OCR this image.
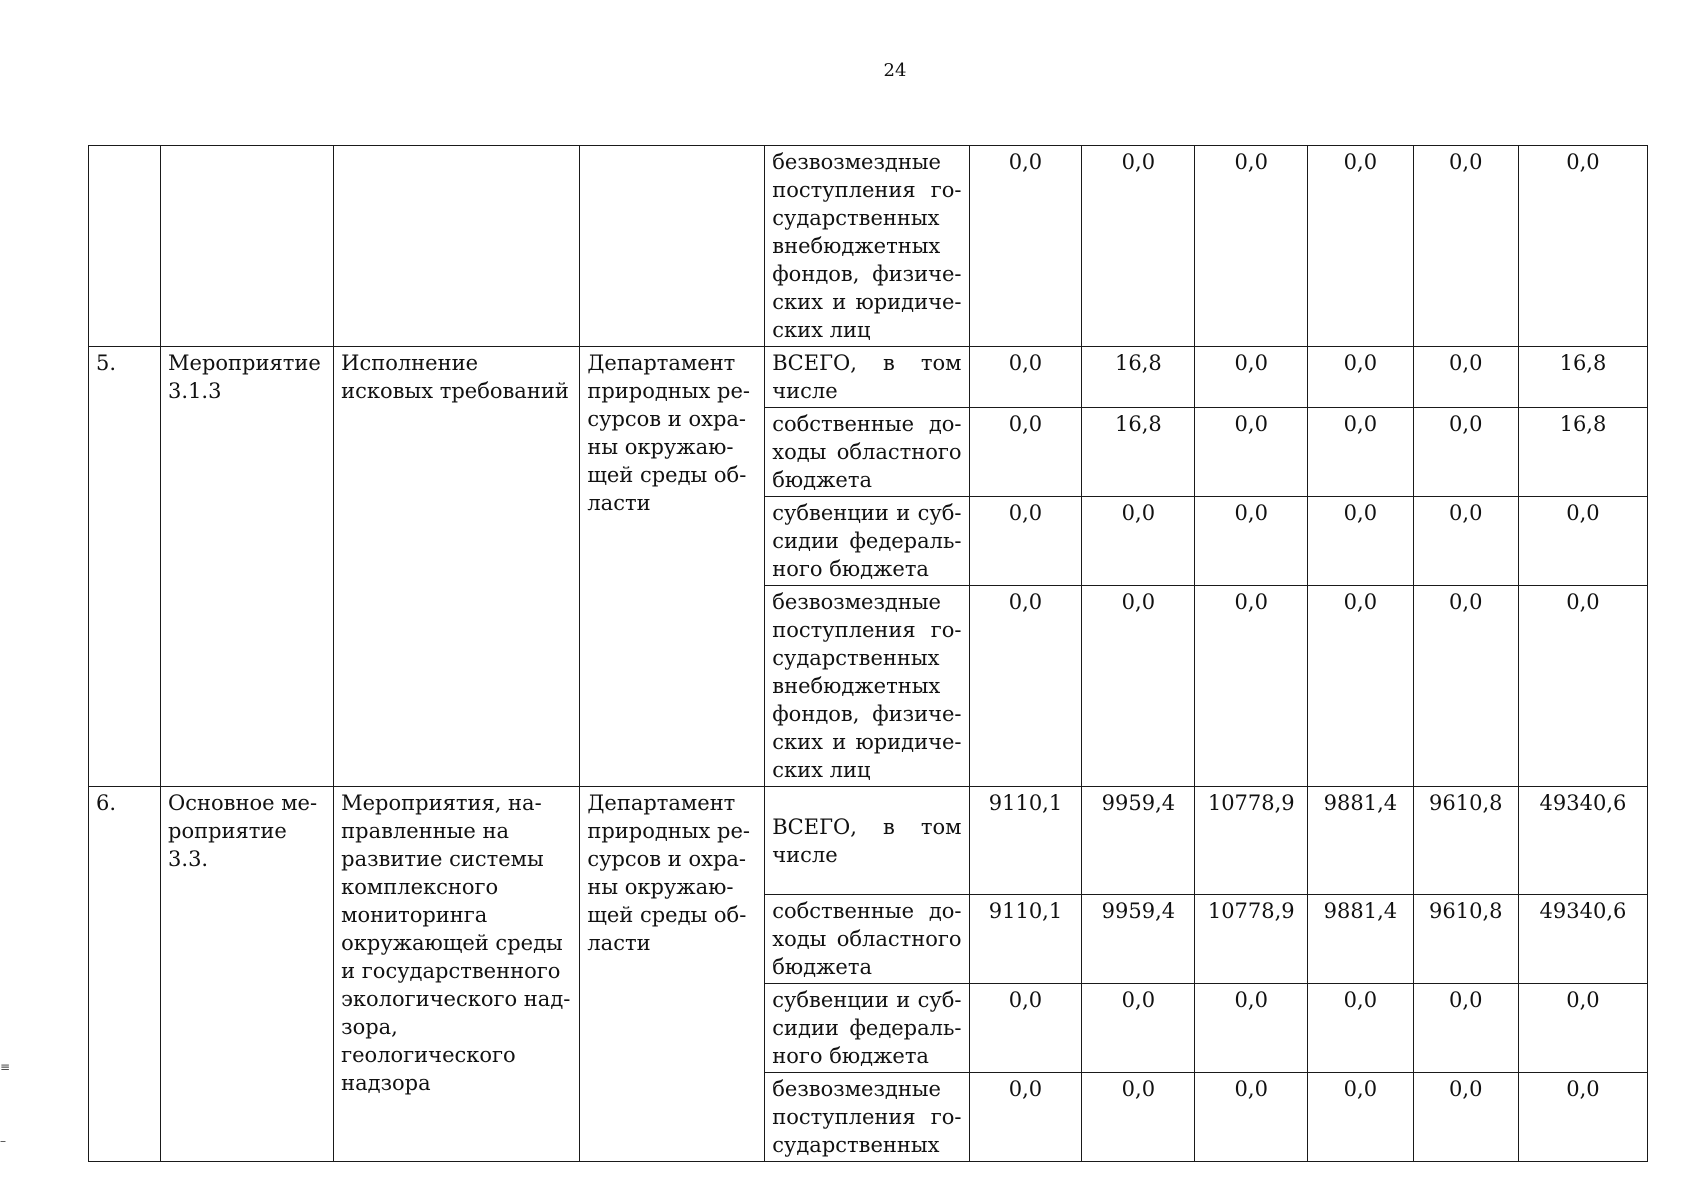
24
				безвозмездные поступления государственных внебюджетных фондов, физических и юридических лиц	0,0	0,0	0,0	0,0	0,0	0,0
5.	Мероприятие 3.1.3	Исполнение исковых требований	Департамент природных ресурсов и охраны окружающей среды области	ВСЕГО, в том числе	0,0	16,8	0,0	0,0	0,0	16,8
				собственные доходы областного бюджета	0,0	16,8	0,0	0,0	0,0	16,8
				субвенции и субсидии федерального бюджета	0,0	0,0	0,0	0,0	0,0	0,0
				безвозмездные поступления государственных внебюджетных фондов, физических и юридических лиц	0,0	0,0	0,0	0,0	0,0	0,0
6.	Основное мероприятие 3.3.	Мероприятия, направленные на развитие системы комплексного мониторинга окружающей среды и государственного экологического надзора, геологического надзора	Департамент природных ресурсов и охраны окружающей среды области	ВСЕГО, в том числе	9110,1	9959,4	10778,9	9881,4	9610,8	49340,6
				собственные доходы областного бюджета	9110,1	9959,4	10778,9	9881,4	9610,8	49340,6
				субвенции и субсидии федерального бюджета	0,0	0,0	0,0	0,0	0,0	0,0
				безвозмездные поступления государственных	0,0	0,0	0,0	0,0	0,0	0,0
≡
–
